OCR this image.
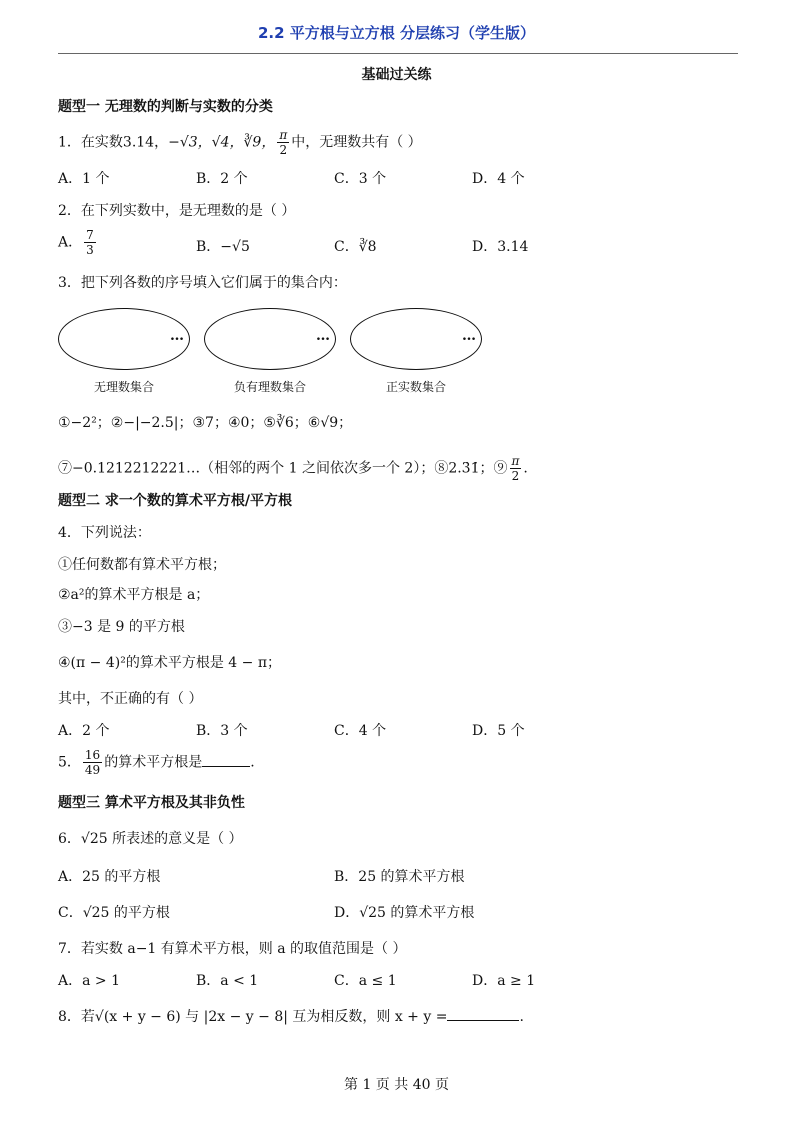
2.2 平方根与立方根 分层练习（学生版）
基础过关练
题型一 无理数的判断与实数的分类
1．在实数3.14，−√3，√4，∛9， $\frac{\pi}{2}$ 中，无理数共有（ ）
A．1 个	B．2 个	C．3 个	D．4 个
2．在下列实数中，是无理数的是（ ）
A． $\frac{7}{3}$	B．−√5	C．∛8	D．3.14
3．把下列各数的序号填入它们属于的集合内：
…	…	…
无理数集合	负有理数集合	正实数集合
①−2²；②−|−2.5|；③7；④0；⑤∛6；⑥√9；
⑦−0.1212212221…（相邻的两个 1 之间依次多一个 2）；⑧2.3̇1̇；⑨ $\frac{\pi}{2}$ .
题型二 求一个数的算术平方根/平方根
4．下列说法：
①任何数都有算术平方根；
②a²的算术平方根是 a；
③−3 是 9 的平方根
④(π − 4)²的算术平方根是 4 − π；
其中，不正确的有（ ）
A．2 个	B．3 个	C．4 个	D．5 个
5． $\frac{16}{49}$ 的算术平方根是	.
题型三 算术平方根及其非负性
6．√25 所表述的意义是（ ）
A．25 的平方根	B．25 的算术平方根
C．√25 的平方根	D．√25 的算术平方根
7．若实数 a−1 有算术平方根，则 a 的取值范围是（ ）
A．a > 1	B．a < 1	C．a ≤ 1	D．a ≥ 1
8．若√(x + y − 6) 与 |2x − y − 8| 互为相反数，则 x + y =	.
第 1 页 共 40 页
